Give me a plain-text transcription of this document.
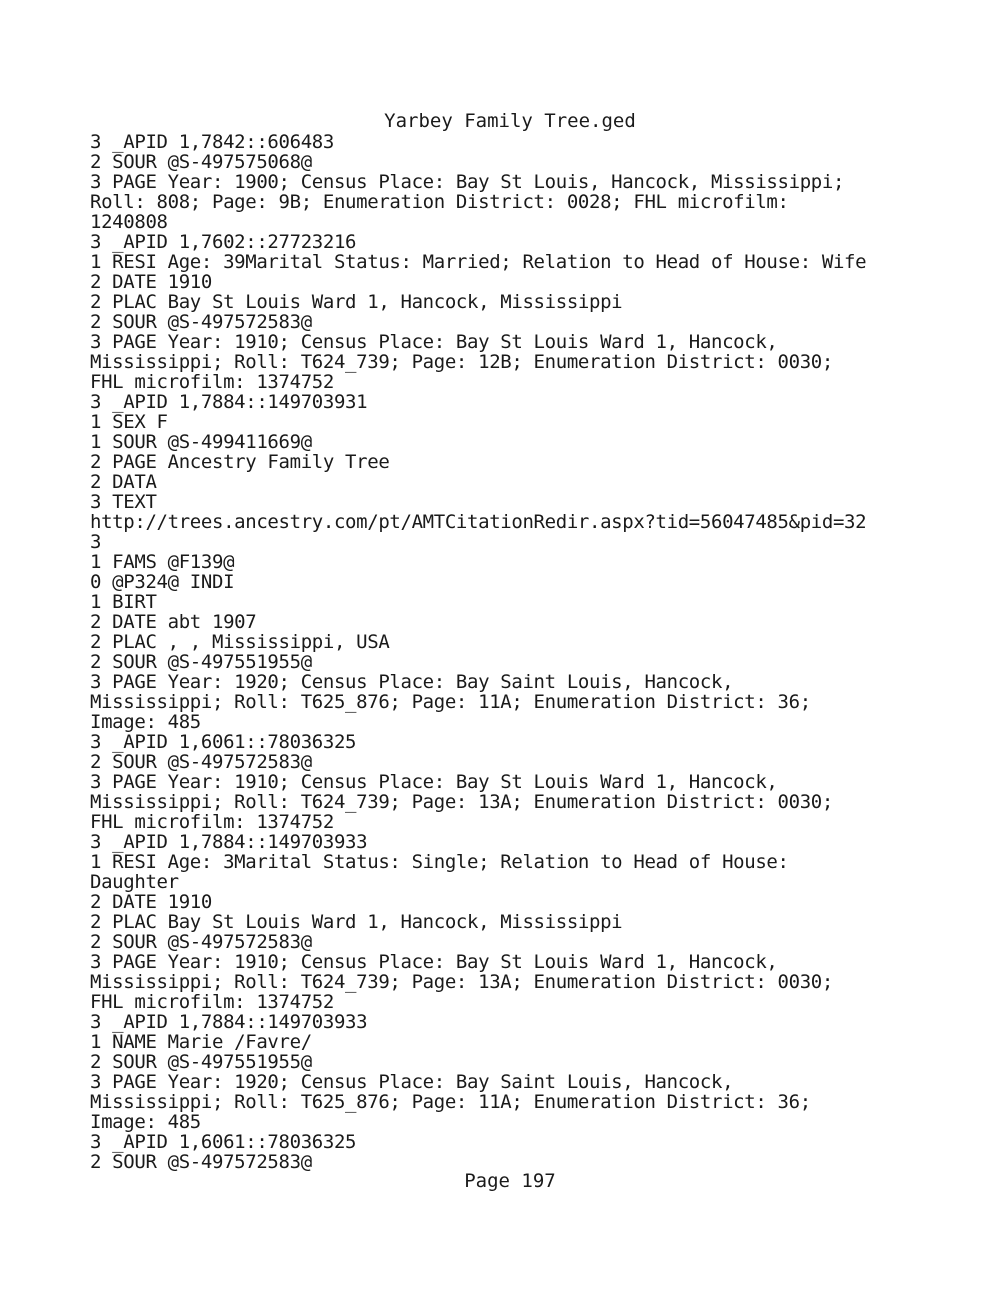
Yarbey Family Tree.ged
3 _APID 1,7842::606483
2 SOUR @S-497575068@
3 PAGE Year: 1900; Census Place: Bay St Louis, Hancock, Mississippi;
Roll: 808; Page: 9B; Enumeration District: 0028; FHL microfilm:
1240808
3 _APID 1,7602::27723216
1 RESI Age: 39Marital Status: Married; Relation to Head of House: Wife
2 DATE 1910
2 PLAC Bay St Louis Ward 1, Hancock, Mississippi
2 SOUR @S-497572583@
3 PAGE Year: 1910; Census Place: Bay St Louis Ward 1, Hancock,
Mississippi; Roll: T624_739; Page: 12B; Enumeration District: 0030;
FHL microfilm: 1374752
3 _APID 1,7884::149703931
1 SEX F
1 SOUR @S-499411669@
2 PAGE Ancestry Family Tree
2 DATA
3 TEXT
http://trees.ancestry.com/pt/AMTCitationRedir.aspx?tid=56047485&pid=32
3
1 FAMS @F139@
0 @P324@ INDI
1 BIRT
2 DATE abt 1907
2 PLAC , , Mississippi, USA
2 SOUR @S-497551955@
3 PAGE Year: 1920; Census Place: Bay Saint Louis, Hancock,
Mississippi; Roll: T625_876; Page: 11A; Enumeration District: 36;
Image: 485
3 _APID 1,6061::78036325
2 SOUR @S-497572583@
3 PAGE Year: 1910; Census Place: Bay St Louis Ward 1, Hancock,
Mississippi; Roll: T624_739; Page: 13A; Enumeration District: 0030;
FHL microfilm: 1374752
3 _APID 1,7884::149703933
1 RESI Age: 3Marital Status: Single; Relation to Head of House:
Daughter
2 DATE 1910
2 PLAC Bay St Louis Ward 1, Hancock, Mississippi
2 SOUR @S-497572583@
3 PAGE Year: 1910; Census Place: Bay St Louis Ward 1, Hancock,
Mississippi; Roll: T624_739; Page: 13A; Enumeration District: 0030;
FHL microfilm: 1374752
3 _APID 1,7884::149703933
1 NAME Marie /Favre/
2 SOUR @S-497551955@
3 PAGE Year: 1920; Census Place: Bay Saint Louis, Hancock,
Mississippi; Roll: T625_876; Page: 11A; Enumeration District: 36;
Image: 485
3 _APID 1,6061::78036325
2 SOUR @S-497572583@
Page 197
